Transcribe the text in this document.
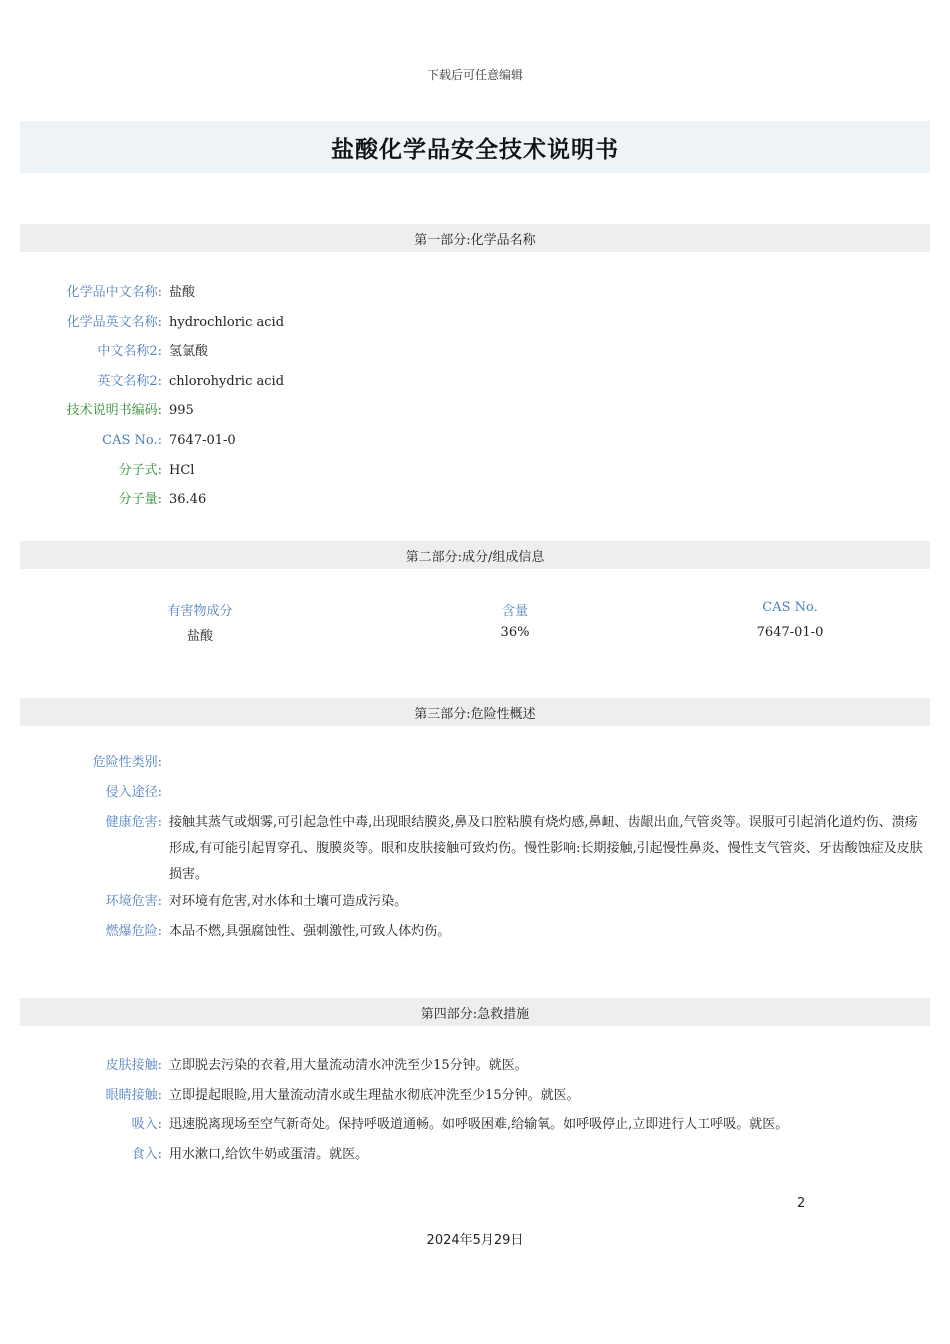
下载后可任意编辑
盐酸化学品安全技术说明书
第一部分:化学品名称
化学品中文名称: 盐酸
化学品英文名称: hydrochloric acid
中文名称2: 氢氯酸
英文名称2: chlorohydric acid
技术说明书编码: 995
CAS No.: 7647-01-0
分子式: HCl
分子量: 36.46
第二部分:成分/组成信息
有害物成分	含量	CAS No.
盐酸	36%	7647-01-0
第三部分:危险性概述
危险性类别:
侵入途径:
健康危害: 接触其蒸气或烟雾,可引起急性中毒,出现眼结膜炎,鼻及口腔粘膜有烧灼感,鼻衄、齿龈出血,气管炎等。误服可引起消化道灼伤、溃疡形成,有可能引起胃穿孔、腹膜炎等。眼和皮肤接触可致灼伤。慢性影响:长期接触,引起慢性鼻炎、慢性支气管炎、牙齿酸蚀症及皮肤损害。
环境危害: 对环境有危害,对水体和土壤可造成污染。
燃爆危险: 本品不燃,具强腐蚀性、强刺激性,可致人体灼伤。
第四部分:急救措施
皮肤接触: 立即脱去污染的衣着,用大量流动清水冲洗至少15分钟。就医。
眼睛接触: 立即提起眼睑,用大量流动清水或生理盐水彻底冲洗至少15分钟。就医。
吸入: 迅速脱离现场至空气新奇处。保持呼吸道通畅。如呼吸困难,给输氧。如呼吸停止,立即进行人工呼吸。就医。
食入: 用水漱口,给饮牛奶或蛋清。就医。
2
2024年5月29日
